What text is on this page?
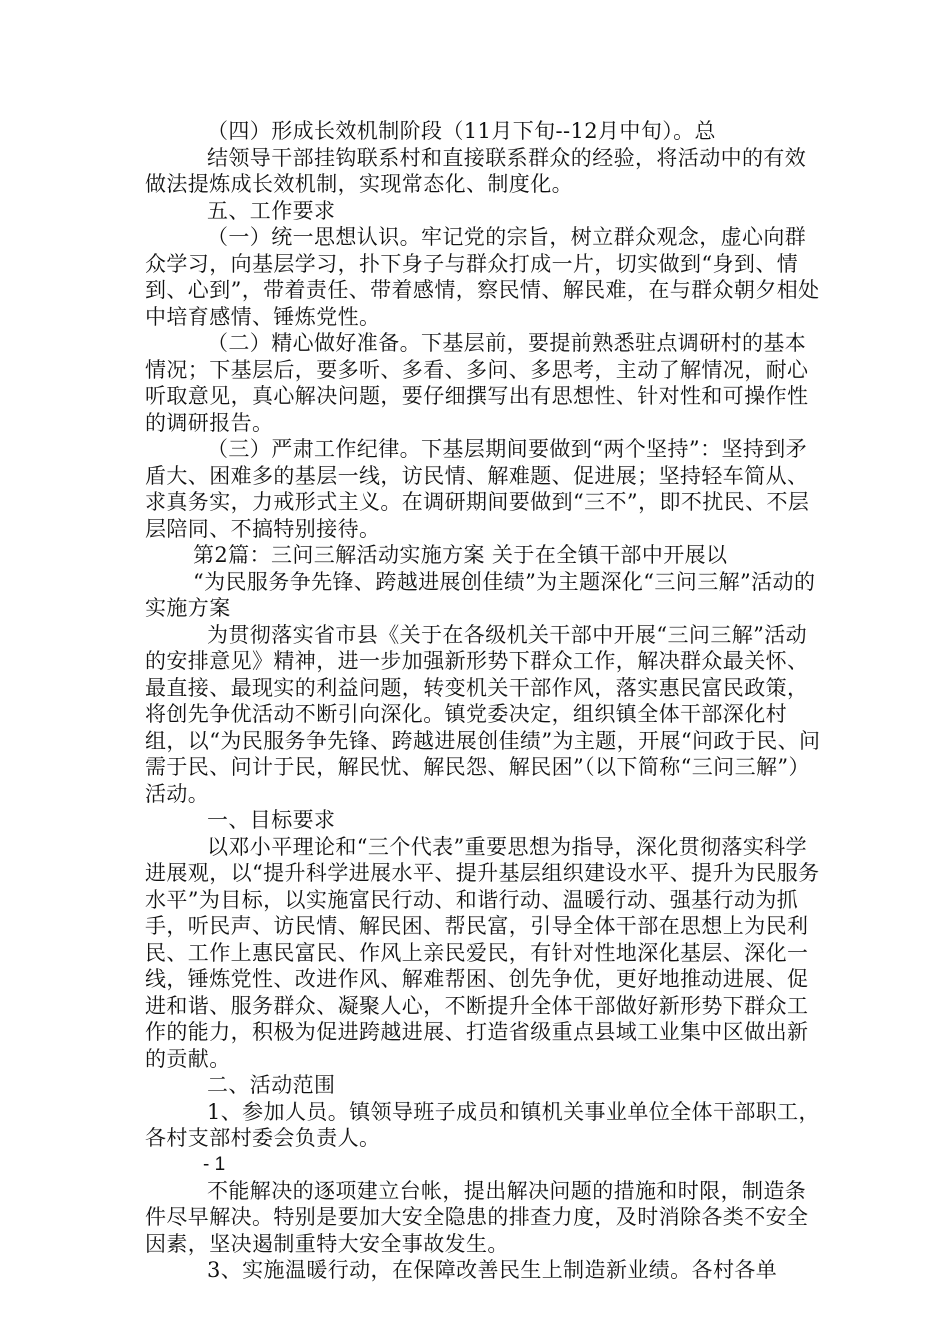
（四）形成长效机制阶段（11月下旬--12月中旬）。总

结领导干部挂钩联系村和直接联系群众的经验，将活动中的有效做法提炼成长效机制，实现常态化、制度化。

五、工作要求

（一）统一思想认识。牢记党的宗旨，树立群众观念，虚心向群众学习，向基层学习，扑下身子与群众打成一片，切实做到“身到、情到、心到”，带着责任、带着感情，察民情、解民难，在与群众朝夕相处中培育感情、锤炼党性。

（二）精心做好准备。下基层前，要提前熟悉驻点调研村的基本情况；下基层后，要多听、多看、多问、多思考，主动了解情况，耐心听取意见，真心解决问题，要仔细撰写出有思想性、针对性和可操作性的调研报告。

（三）严肃工作纪律。下基层期间要做到“两个坚持”：坚持到矛盾大、困难多的基层一线，访民情、解难题、促进展；坚持轻车简从、求真务实，力戒形式主义。在调研期间要做到“三不”，即不扰民、不层层陪同、不搞特别接待。

第2篇：三问三解活动实施方案 关于在全镇干部中开展以

“为民服务争先锋、跨越进展创佳绩”为主题深化“三问三解”活动的实施方案

为贯彻落实省市县《关于在各级机关干部中开展“三问三解”活动的安排意见》精神，进一步加强新形势下群众工作，解决群众最关怀、最直接、最现实的利益问题，转变机关干部作风，落实惠民富民政策，将创先争优活动不断引向深化。镇党委决定，组织镇全体干部深化村组，以“为民服务争先锋、跨越进展创佳绩”为主题，开展“问政于民、问需于民、问计于民，解民忧、解民怨、解民困”（以下简称“三问三解”）活动。

一、目标要求

以邓小平理论和“三个代表”重要思想为指导，深化贯彻落实科学进展观，以“提升科学进展水平、提升基层组织建设水平、提升为民服务水平”为目标，以实施富民行动、和谐行动、温暖行动、强基行动为抓手，听民声、访民情、解民困、帮民富，引导全体干部在思想上为民利民、工作上惠民富民、作风上亲民爱民，有针对性地深化基层、深化一线，锤炼党性、改进作风、解难帮困、创先争优，更好地推动进展、促进和谐、服务群众、凝聚人心，不断提升全体干部做好新形势下群众工作的能力，积极为促进跨越进展、打造省级重点县域工业集中区做出新的贡献。

二、活动范围

1、参加人员。镇领导班子成员和镇机关事业单位全体干部职工，各村支部村委会负责人。

- 1

不能解决的逐项建立台帐，提出解决问题的措施和时限，制造条件尽早解决。特别是要加大安全隐患的排查力度，及时消除各类不安全因素，坚决遏制重特大安全事故发生。

3、实施温暖行动，在保障改善民生上制造新业绩。各村各单
